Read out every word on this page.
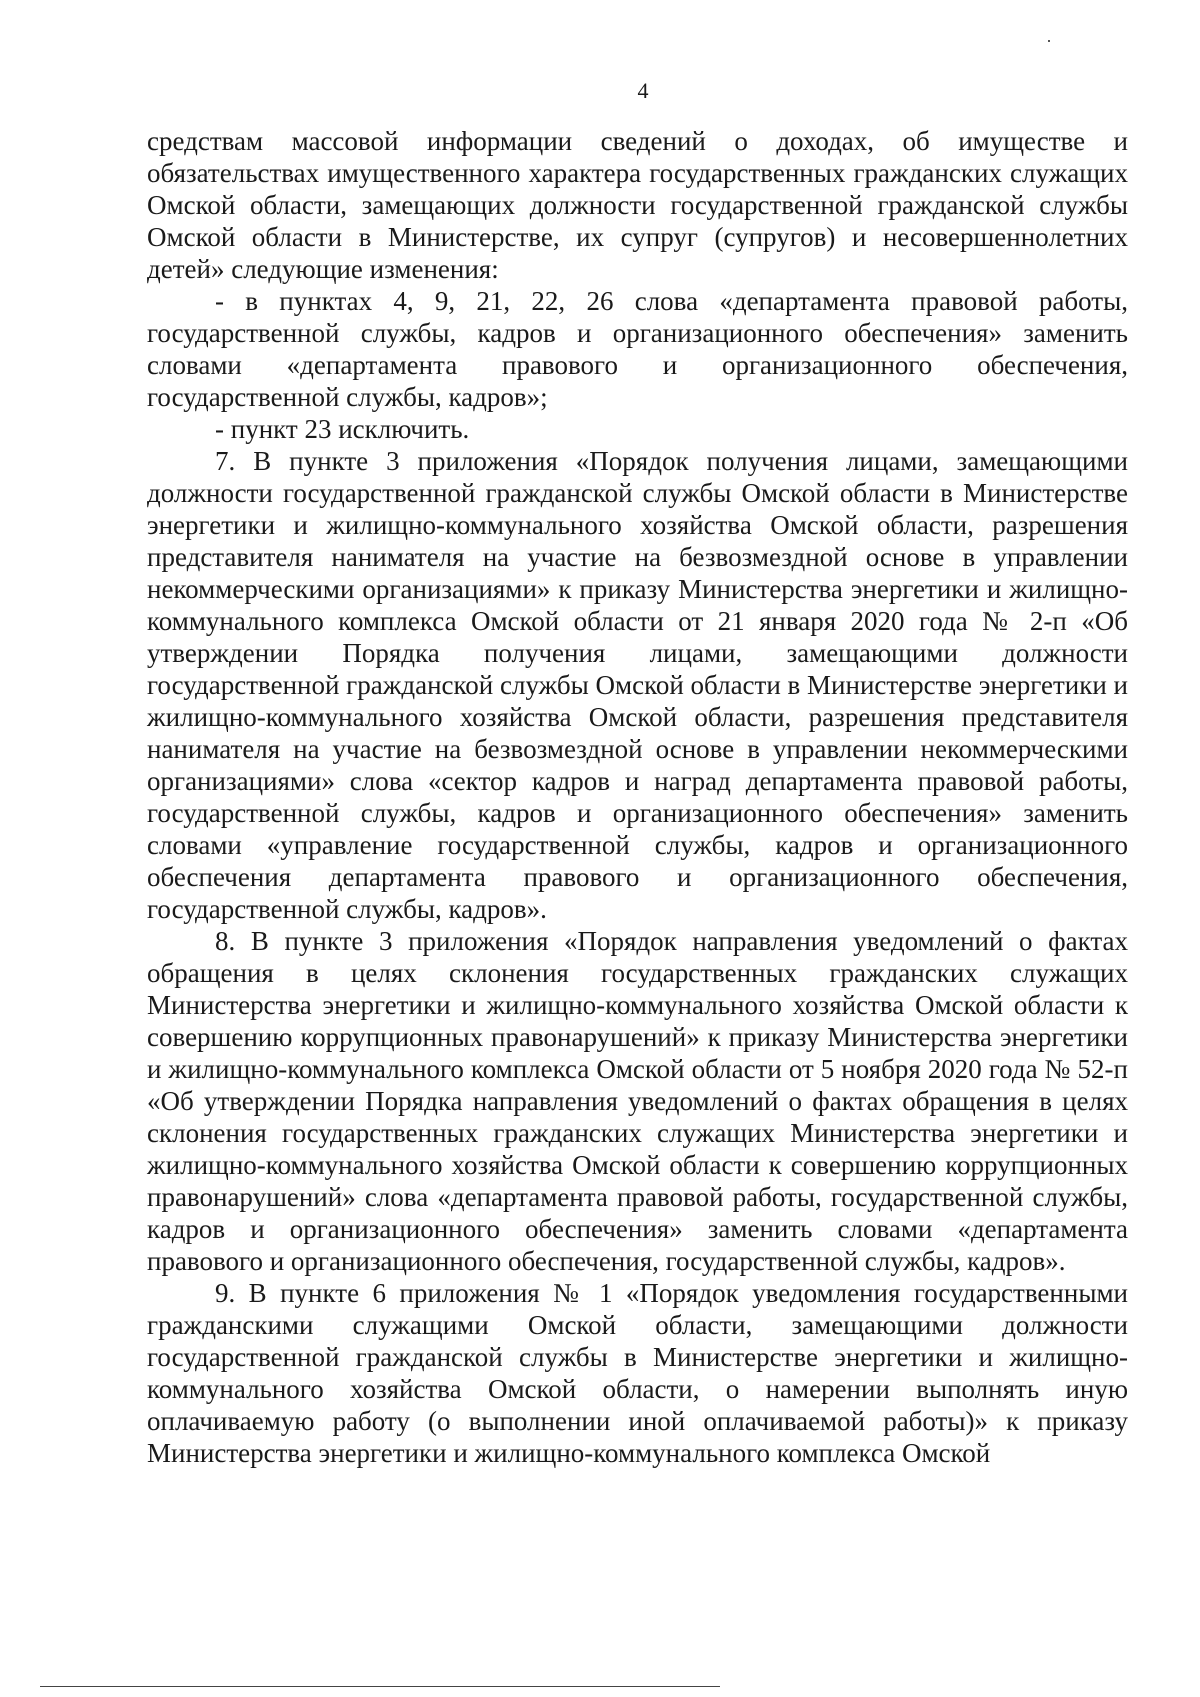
4

средствам массовой информации сведений о доходах, об имуществе и обязательствах имущественного характера государственных гражданских служащих Омской области, замещающих должности государственной гражданской службы Омской области в Министерстве, их супруг (супругов) и несовершеннолетних детей» следующие изменения:

- в пунктах 4, 9, 21, 22, 26 слова «департамента правовой работы, государственной службы, кадров и организационного обеспечения» заменить словами «департамента правового и организационного обеспечения, государственной службы, кадров»;

- пункт 23 исключить.

7. В пункте 3 приложения «Порядок получения лицами, замещающими должности государственной гражданской службы Омской области в Министерстве энергетики и жилищно-коммунального хозяйства Омской области, разрешения представителя нанимателя на участие на безвозмездной основе в управлении некоммерческими организациями» к приказу Министерства энергетики и жилищно-коммунального комплекса Омской области от 21 января 2020 года № 2-п «Об утверждении Порядка получения лицами, замещающими должности государственной гражданской службы Омской области в Министерстве энергетики и жилищно-коммунального хозяйства Омской области, разрешения представителя нанимателя на участие на безвозмездной основе в управлении некоммерческими организациями» слова «сектор кадров и наград департамента правовой работы, государственной службы, кадров и организационного обеспечения» заменить словами «управление государственной службы, кадров и организационного обеспечения департамента правового и организационного обеспечения, государственной службы, кадров».

8. В пункте 3 приложения «Порядок направления уведомлений о фактах обращения в целях склонения государственных гражданских служащих Министерства энергетики и жилищно-коммунального хозяйства Омской области к совершению коррупционных правонарушений» к приказу Министерства энергетики и жилищно-коммунального комплекса Омской области от 5 ноября 2020 года № 52-п «Об утверждении Порядка направления уведомлений о фактах обращения в целях склонения государственных гражданских служащих Министерства энергетики и жилищно-коммунального хозяйства Омской области к совершению коррупционных правонарушений» слова «департамента правовой работы, государственной службы, кадров и организационного обеспечения» заменить словами «департамента правового и организационного обеспечения, государственной службы, кадров».

9. В пункте 6 приложения № 1 «Порядок уведомления государственными гражданскими служащими Омской области, замещающими должности государственной гражданской службы в Министерстве энергетики и жилищно-коммунального хозяйства Омской области, о намерении выполнять иную оплачиваемую работу (о выполнении иной оплачиваемой работы)» к приказу Министерства энергетики и жилищно-коммунального комплекса Омской
